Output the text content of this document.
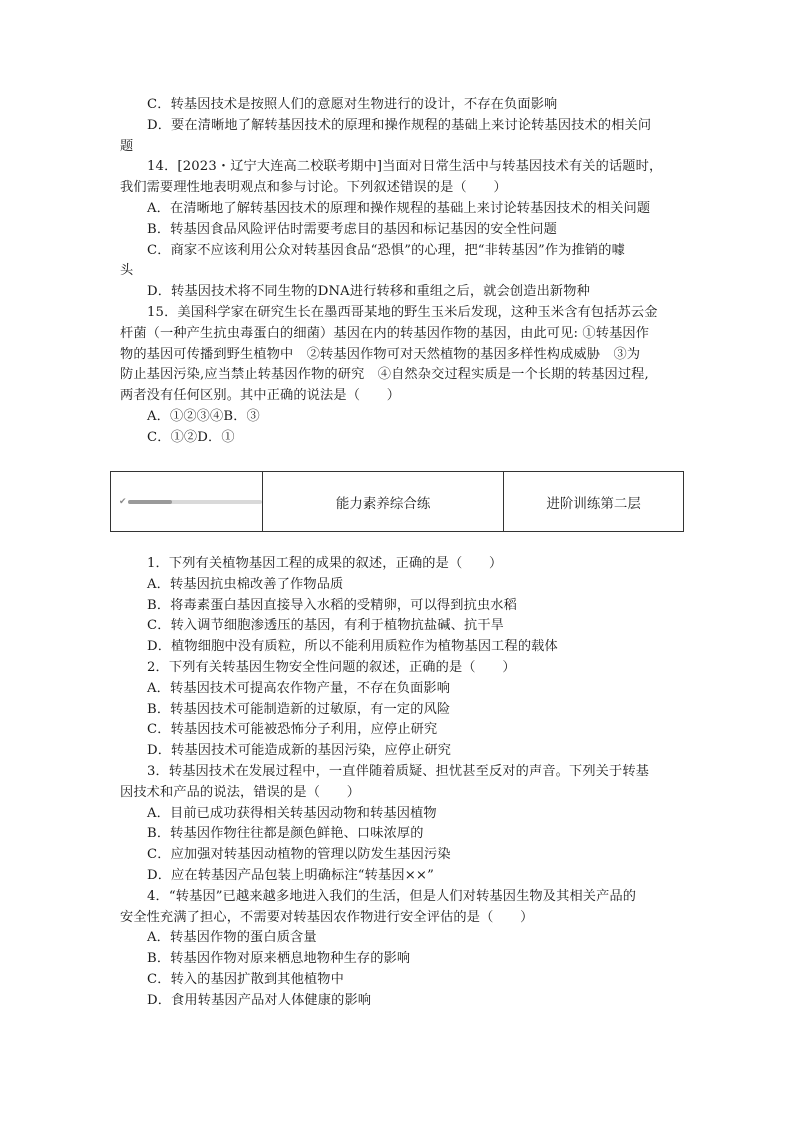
C．转基因技术是按照人们的意愿对生物进行的设计，不存在负面影响
D．要在清晰地了解转基因技术的原理和操作规程的基础上来讨论转基因技术的相关问
题
14．[2023・辽宁大连高二校联考期中]当面对日常生活中与转基因技术有关的话题时，
我们需要理性地表明观点和参与讨论。下列叙述错误的是（　　）
A．在清晰地了解转基因技术的原理和操作规程的基础上来讨论转基因技术的相关问题
B．转基因食品风险评估时需要考虑目的基因和标记基因的安全性问题
C．商家不应该利用公众对转基因食品“恐惧”的心理，把“非转基因”作为推销的噱
头
D．转基因技术将不同生物的DNA进行转移和重组之后，就会创造出新物种
15．美国科学家在研究生长在墨西哥某地的野生玉米后发现，这种玉米含有包括苏云金
杆菌（一种产生抗虫毒蛋白的细菌）基因在内的转基因作物的基因，由此可见: ①转基因作
物的基因可传播到野生植物中　②转基因作物可对天然植物的基因多样性构成威胁　③为
防止基因污染,应当禁止转基因作物的研究　④自然杂交过程实质是一个长期的转基因过程,
两者没有任何区别。其中正确的说法是（　　）
A．①②③④B．③
C．①②D．①
✔	能力素养综合练	进阶训练第二层
1．下列有关植物基因工程的成果的叙述，正确的是（　　）
A．转基因抗虫棉改善了作物品质
B．将毒素蛋白基因直接导入水稻的受精卵，可以得到抗虫水稻
C．转入调节细胞渗透压的基因，有利于植物抗盐碱、抗干旱
D．植物细胞中没有质粒，所以不能利用质粒作为植物基因工程的载体
2．下列有关转基因生物安全性问题的叙述，正确的是（　　）
A．转基因技术可提高农作物产量，不存在负面影响
B．转基因技术可能制造新的过敏原，有一定的风险
C．转基因技术可能被恐怖分子利用，应停止研究
D．转基因技术可能造成新的基因污染，应停止研究
3．转基因技术在发展过程中，一直伴随着质疑、担忧甚至反对的声音。下列关于转基
因技术和产品的说法，错误的是（　　）
A．目前已成功获得相关转基因动物和转基因植物
B．转基因作物往往都是颜色鲜艳、口味浓厚的
C．应加强对转基因动植物的管理以防发生基因污染
D．应在转基因产品包装上明确标注“转基因××”
4．“转基因”已越来越多地进入我们的生活，但是人们对转基因生物及其相关产品的
安全性充满了担心，不需要对转基因农作物进行安全评估的是（　　）
A．转基因作物的蛋白质含量
B．转基因作物对原来栖息地物种生存的影响
C．转入的基因扩散到其他植物中
D．食用转基因产品对人体健康的影响
